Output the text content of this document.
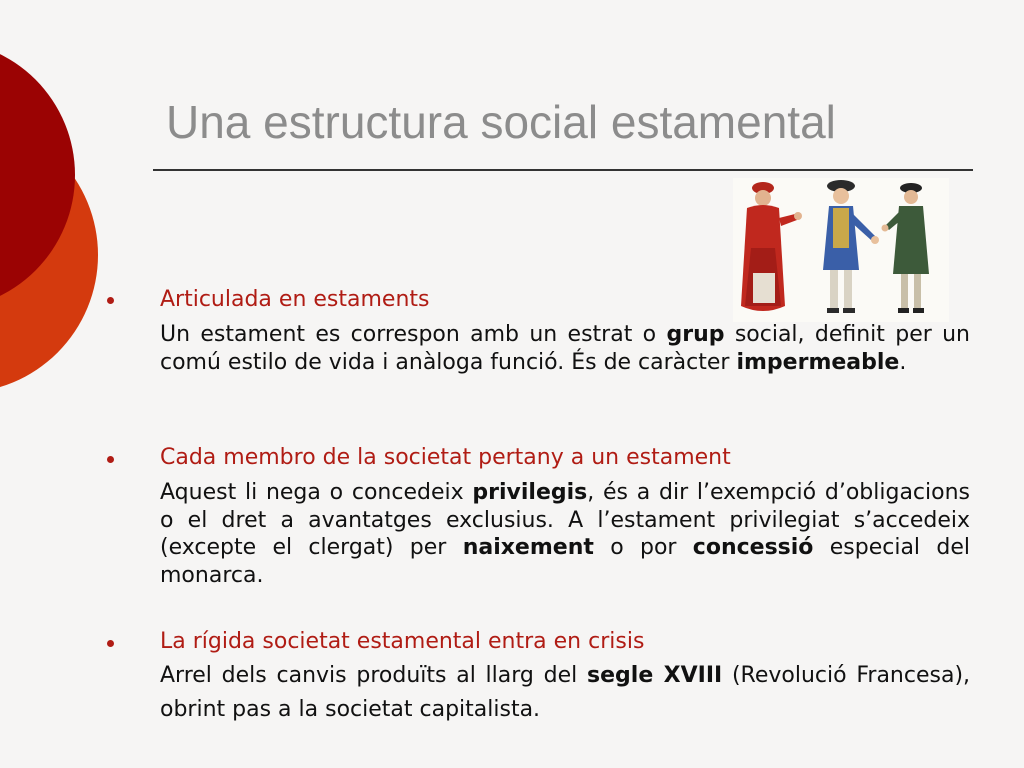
Una estructura social estamental
Articulada en estaments
Un estament es correspon amb un estrat o grup social, definit per un comú estilo de vida i anàloga funció. És de caràcter impermeable.
Cada membro de la societat pertany a un estament
Aquest li nega o concedeix privilegis, és a dir l’exempció d’obligacions o el dret a avantatges exclusius. A l’estament privilegiat s’accedeix (excepte el clergat) per naixement o por concessió especial del monarca.
La rígida societat estamental entra en crisis
Arrel dels canvis produïts al llarg del segle XVIII (Revolució Francesa), obrint pas a la societat capitalista.
